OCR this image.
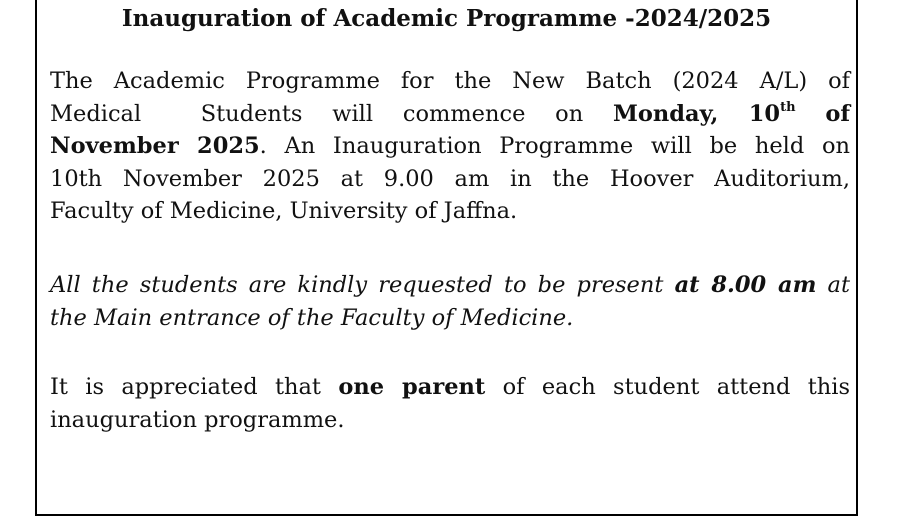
Inauguration of Academic Programme -2024/2025
The Academic Programme for the New Batch (2024 A/L) of
Medical	Students will commence on Monday, 10th of
November 2025. An Inauguration Programme will be held on
10th November 2025 at 9.00 am in the Hoover Auditorium,
Faculty of Medicine, University of Jaffna.
All the students are kindly requested to be present at 8.00 am at
the Main entrance of the Faculty of Medicine.
It is appreciated that one parent of each student attend this
inauguration programme.
